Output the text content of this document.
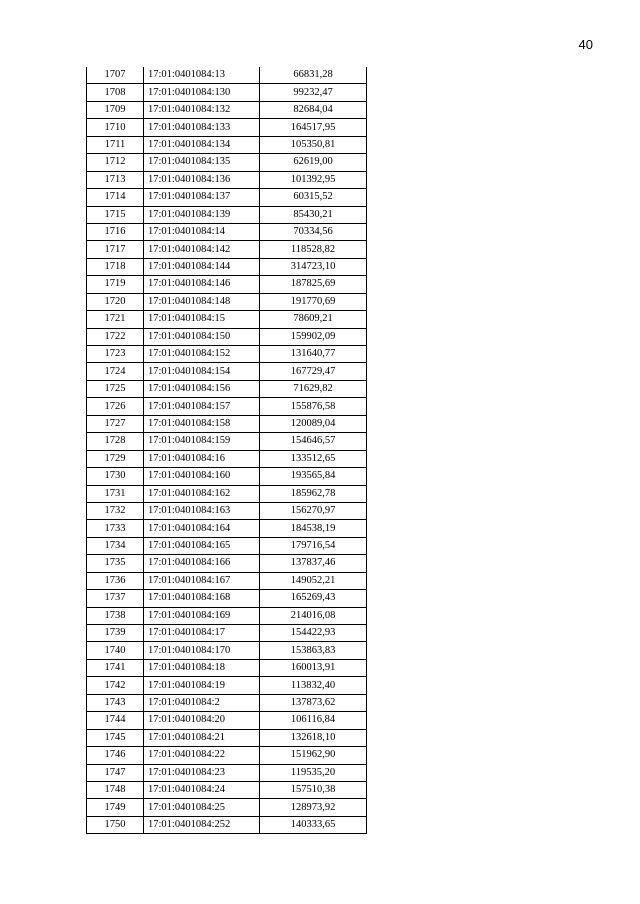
40
1707	17:01:0401084:13	66831,28
1708	17:01:0401084:130	99232,47
1709	17:01:0401084:132	82684,04
1710	17:01:0401084:133	164517,95
1711	17:01:0401084:134	105350,81
1712	17:01:0401084:135	62619,00
1713	17:01:0401084:136	101392,95
1714	17:01:0401084:137	60315,52
1715	17:01:0401084:139	85430,21
1716	17:01:0401084:14	70334,56
1717	17:01:0401084:142	118528,82
1718	17:01:0401084:144	314723,10
1719	17:01:0401084:146	187825,69
1720	17:01:0401084:148	191770,69
1721	17:01:0401084:15	78609,21
1722	17:01:0401084:150	159902,09
1723	17:01:0401084:152	131640,77
1724	17:01:0401084:154	167729,47
1725	17:01:0401084:156	71629,82
1726	17:01:0401084:157	155876,58
1727	17:01:0401084:158	120089,04
1728	17:01:0401084:159	154646,57
1729	17:01:0401084:16	133512,65
1730	17:01:0401084:160	193565,84
1731	17:01:0401084:162	185962,78
1732	17:01:0401084:163	156270,97
1733	17:01:0401084:164	184538,19
1734	17:01:0401084:165	179716,54
1735	17:01:0401084:166	137837,46
1736	17:01:0401084:167	149052,21
1737	17:01:0401084:168	165269,43
1738	17:01:0401084:169	214016,08
1739	17:01:0401084:17	154422,93
1740	17:01:0401084:170	153863,83
1741	17:01:0401084:18	160013,91
1742	17:01:0401084:19	113832,40
1743	17:01:0401084:2	137873,62
1744	17:01:0401084:20	106116,84
1745	17:01:0401084:21	132618,10
1746	17:01:0401084:22	151962,90
1747	17:01:0401084:23	119535,20
1748	17:01:0401084:24	157510,38
1749	17:01:0401084:25	128973,92
1750	17:01:0401084:252	140333,65
